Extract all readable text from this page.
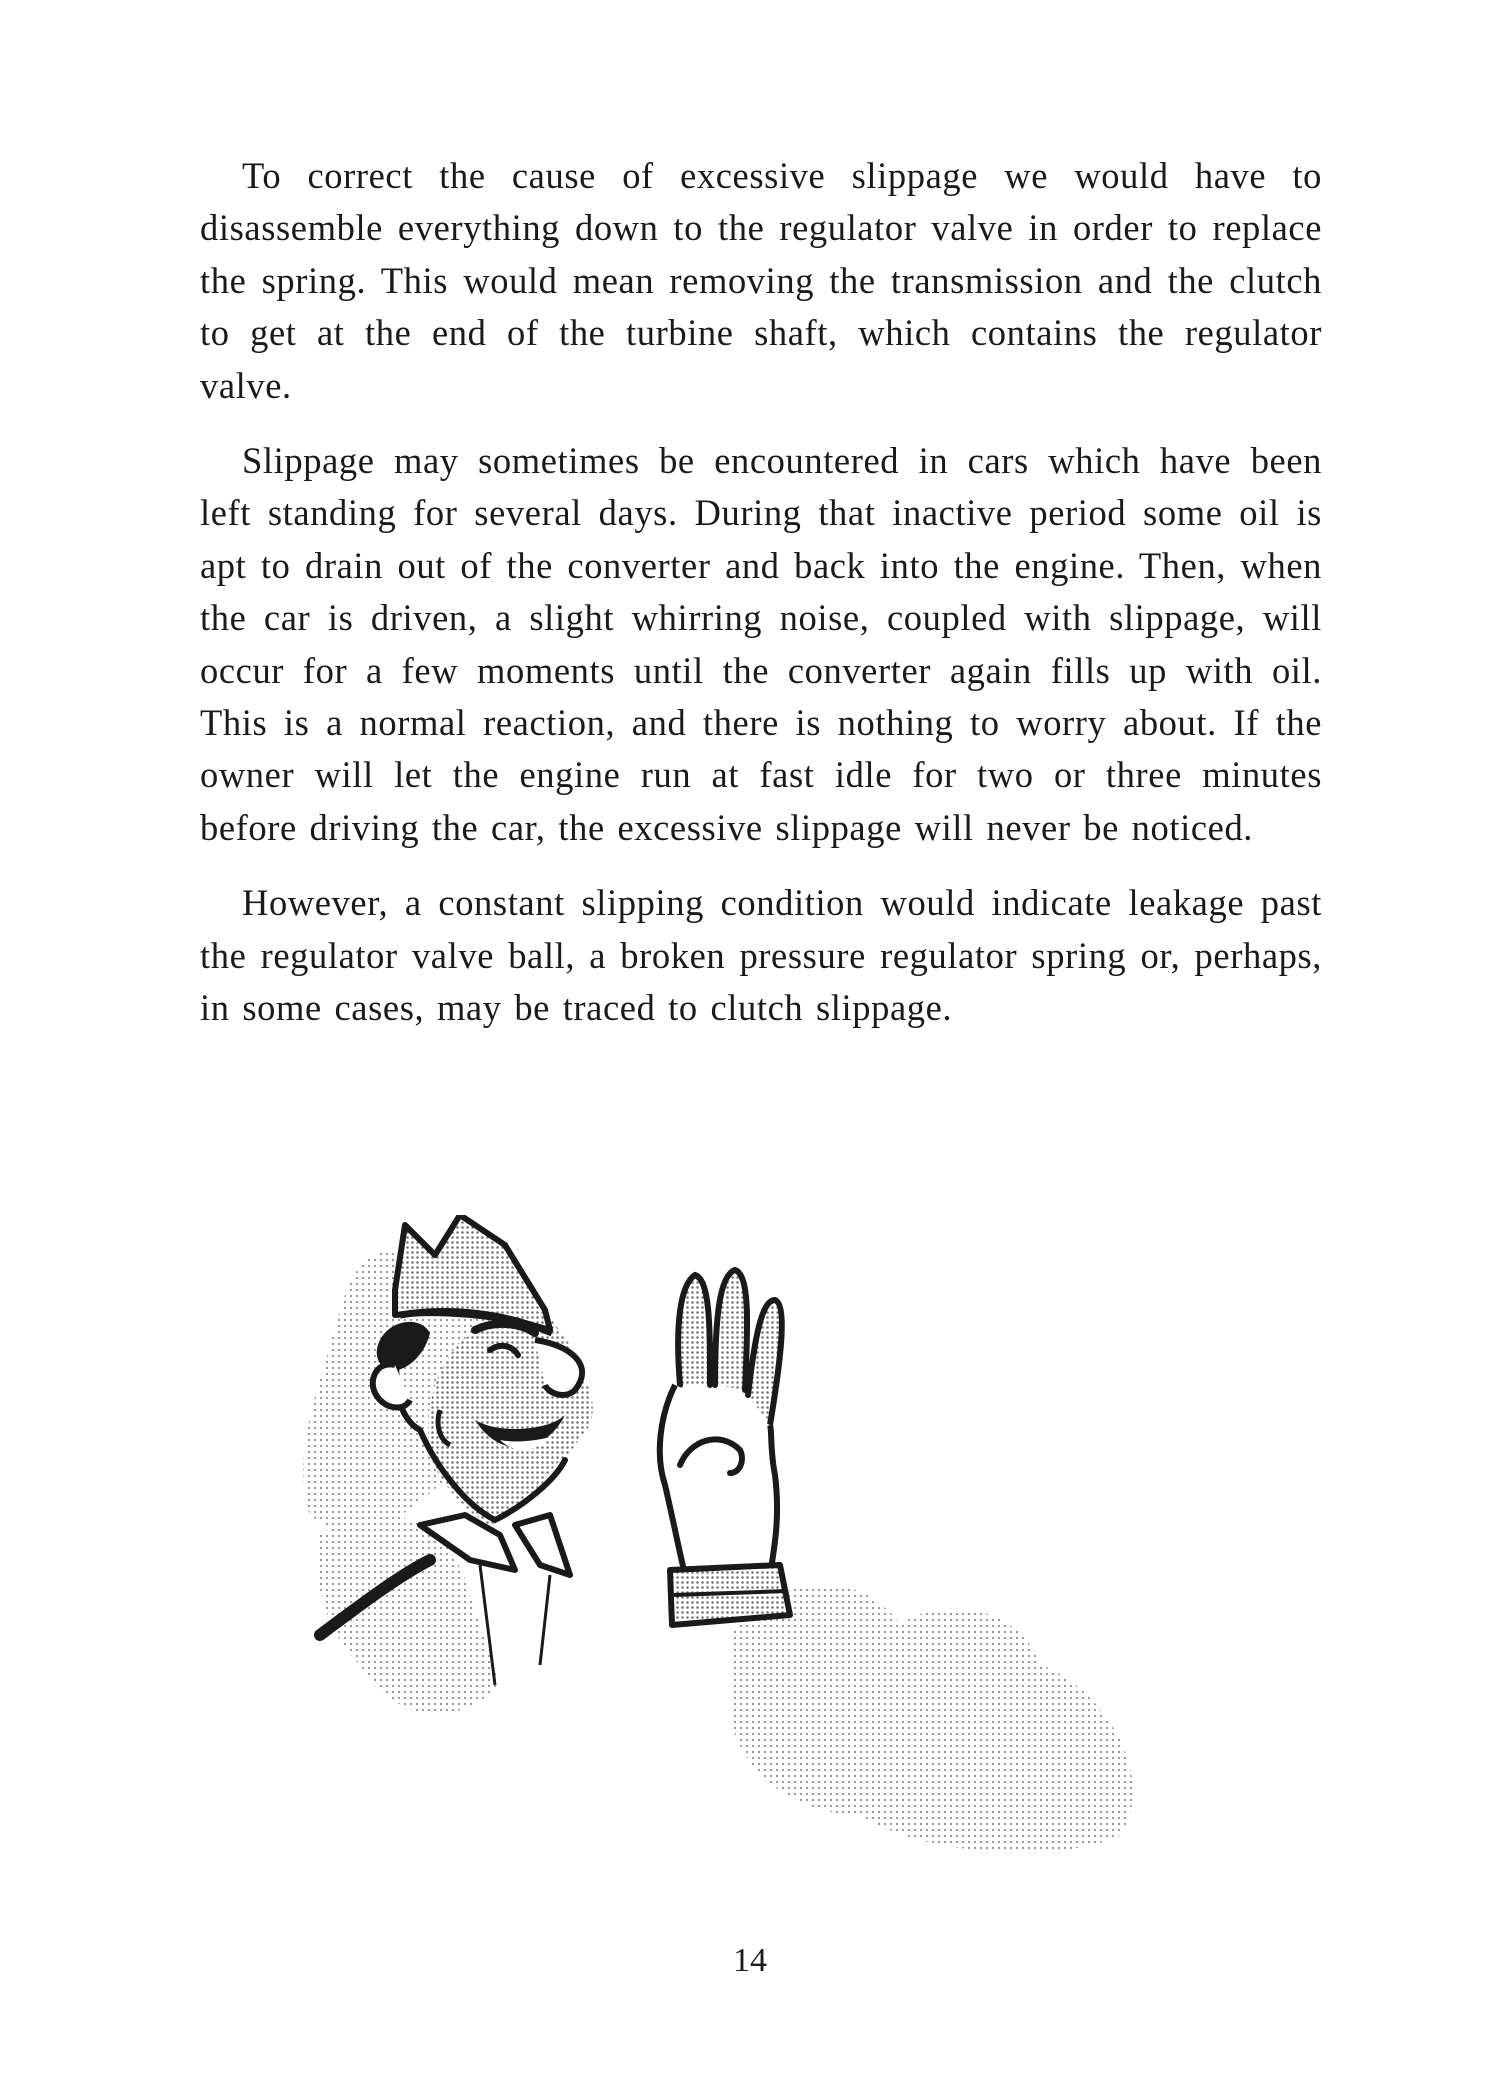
To correct the cause of excessive slippage we would have to disassemble everything down to the regulator valve in order to replace the spring. This would mean removing the transmission and the clutch to get at the end of the turbine shaft, which contains the regulator valve.

Slippage may sometimes be encountered in cars which have been left standing for several days. During that inactive period some oil is apt to drain out of the converter and back into the engine. Then, when the car is driven, a slight whirring noise, coupled with slippage, will occur for a few moments until the converter again fills up with oil. This is a normal reaction, and there is nothing to worry about. If the owner will let the engine run at fast idle for two or three minutes before driving the car, the excessive slippage will never be noticed.

However, a constant slipping condition would indicate leakage past the regulator valve ball, a broken pressure regulator spring or, perhaps, in some cases, may be traced to clutch slippage.

14
